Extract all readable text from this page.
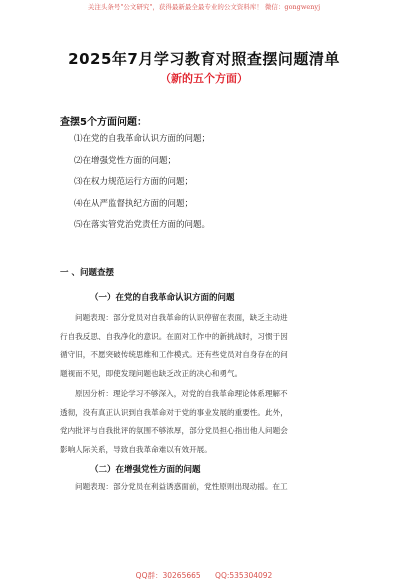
关注头条号"公文研究"，获得最新最全最专业的公文资料库！ 微信：gongwenyj
2025年7月学习教育对照查摆问题清单
（新的五个方面）
查摆5个方面问题：
⑴在党的自我革命认识方面的问题；
⑵在增强党性方面的问题；
⑶在权力规范运行方面的问题；
⑷在从严监督执纪方面的问题；
⑸在落实管党治党责任方面的问题。
一 、问题查摆
（一）在党的自我革命认识方面的问题

问题表现：部分党员对自我革命的认识停留在表面，缺乏主动进
行自我反思、自我净化的意识。在面对工作中的新挑战时，习惯于因
循守旧，不愿突破传统思维和工作模式。还有些党员对自身存在的问
题视而不见，即使发现问题也缺乏改正的决心和勇气。

原因分析：理论学习不够深入，对党的自我革命理论体系理解不
透彻，没有真正认识到自我革命对于党的事业发展的重要性。此外，
党内批评与自我批评的氛围不够浓厚，部分党员担心指出他人问题会
影响人际关系，导致自我革命难以有效开展。

（二）在增强党性方面的问题

问题表现：部分党员在利益诱惑面前，党性原则出现动摇。在工

QQ群：30265665 QQ:535304092
